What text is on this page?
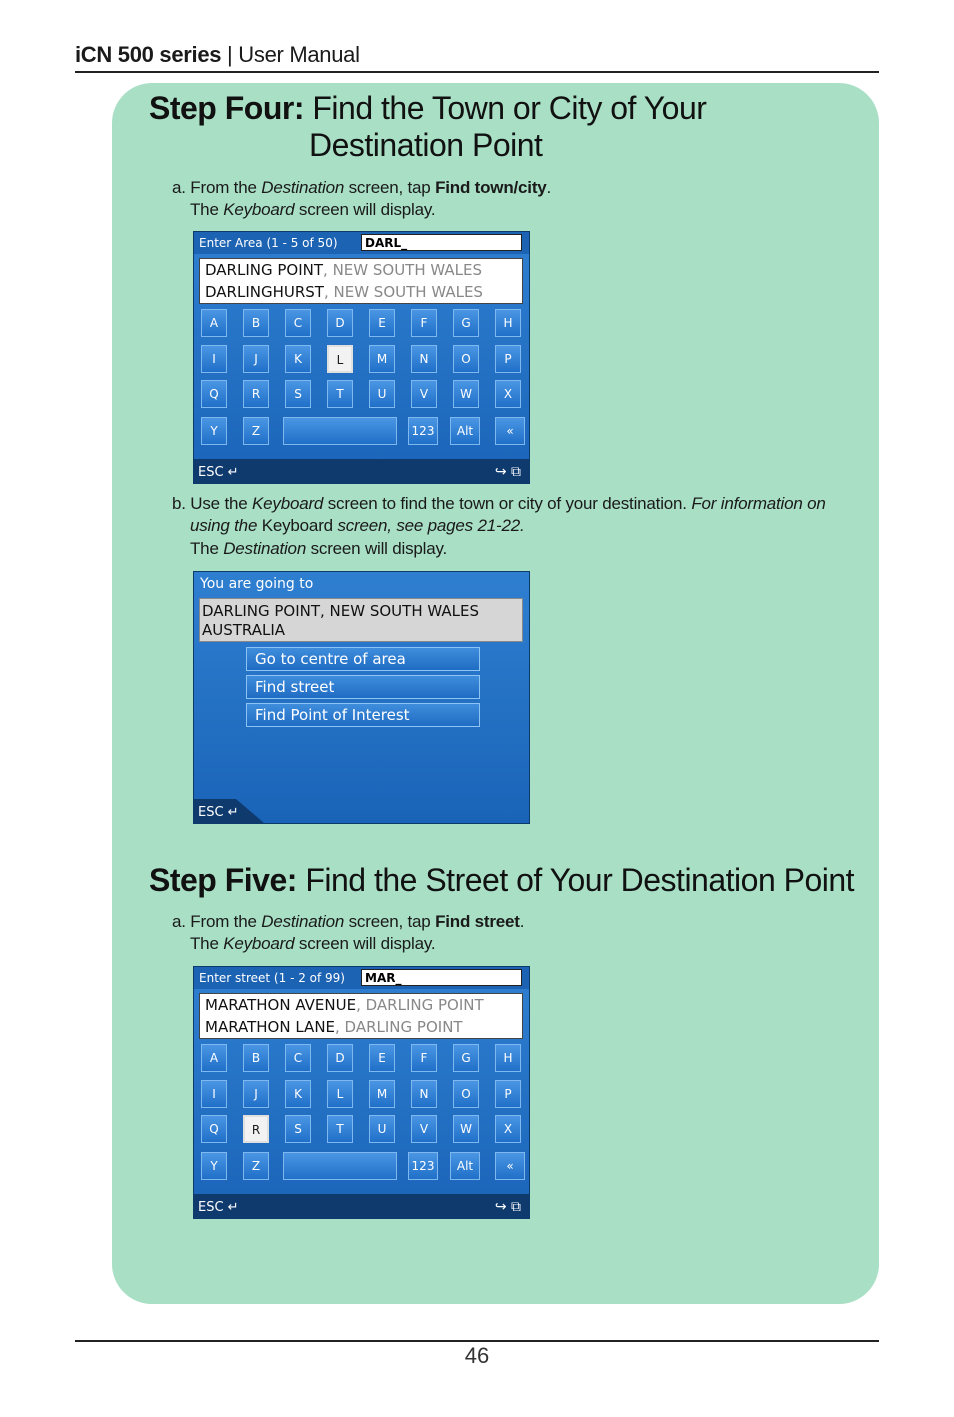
iCN 500 series | User Manual
Step Four: Find the Town or City of Your
Destination Point
a. From the Destination screen, tap Find town/city.
The Keyboard screen will display.
Enter Area (1 - 5 of 50)	DARL_
DARLING POINT, NEW SOUTH WALES
DARLINGHURST, NEW SOUTH WALES
ESC ↵	↪ ⧉
A	B	C	D	E	F	G	H
I	J	K	L	M	N	O	P
Q	R	S	T	U	V	W	X
Y	Z	123	Alt	«
b. Use the Keyboard screen to find the town or city of your destination. For information on
using the Keyboard screen, see pages 21-22.
The Destination screen will display.
You are going to
DARLING POINT, NEW SOUTH WALES
AUSTRALIA
Go to centre of area
Find street
Find Point of Interest
ESC ↵
Step Five: Find the Street of Your Destination Point
a. From the Destination screen, tap Find street.
The Keyboard screen will display.
Enter street (1 - 2 of 99)	MAR_
MARATHON AVENUE, DARLING POINT
MARATHON LANE, DARLING POINT
ESC ↵	↪ ⧉
A	B	C	D	E	F	G	H
I	J	K	L	M	N	O	P
Q	R	S	T	U	V	W	X
Y	Z	123	Alt	«
46
